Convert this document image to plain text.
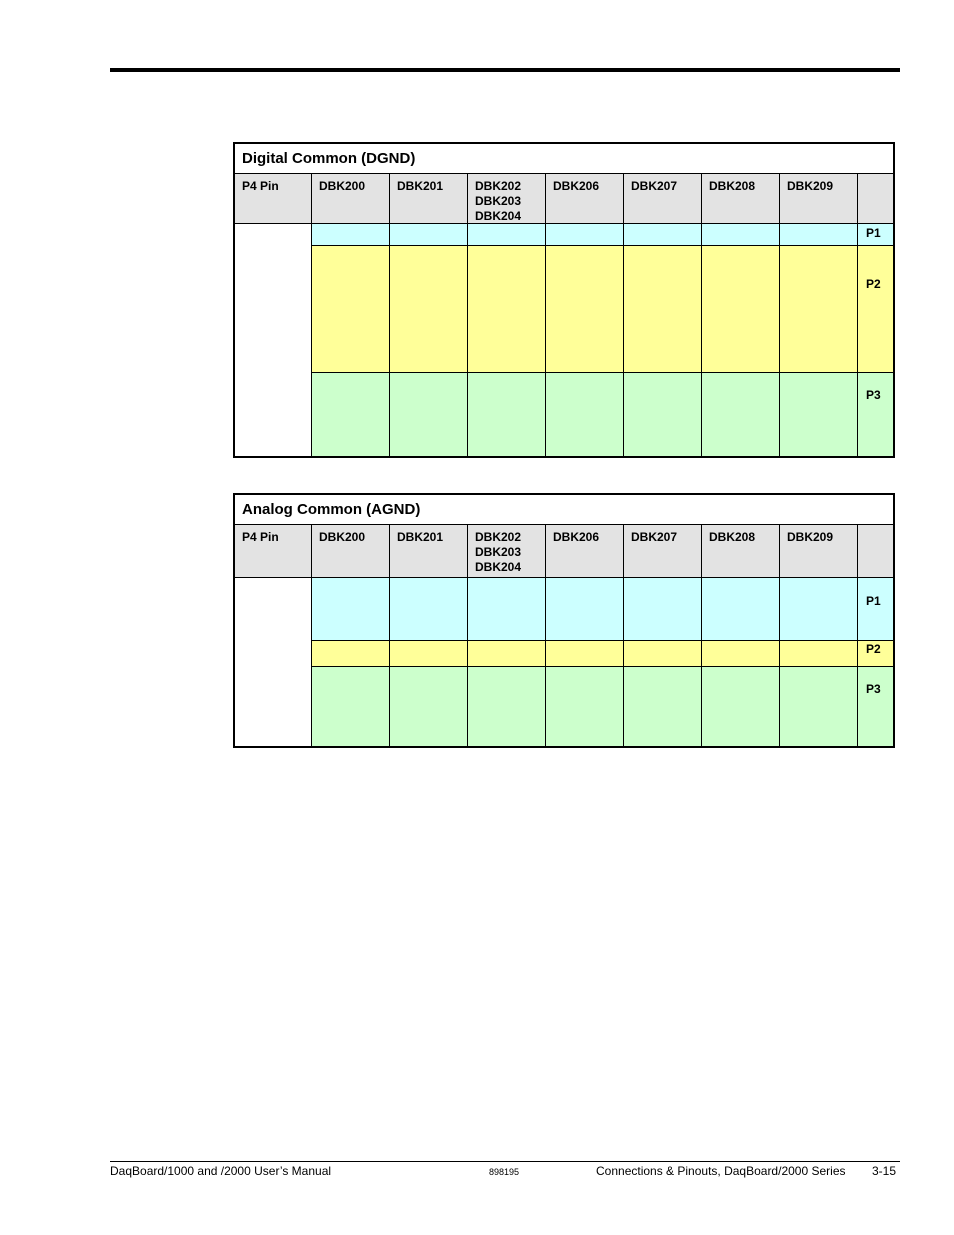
Digital Common (DGND)
P4 Pin	DBK200	DBK201	DBK202
DBK203
DBK204
DBK206	DBK207	DBK208	DBK209
P1
P2
P3
Analog Common (AGND)
P4 Pin	DBK200	DBK201	DBK202
DBK203
DBK204
DBK206	DBK207	DBK208	DBK209
P1
P2
P3
DaqBoard/1000 and /2000 User’s Manual	898195	Connections & Pinouts, DaqBoard/2000 Series 3-15
